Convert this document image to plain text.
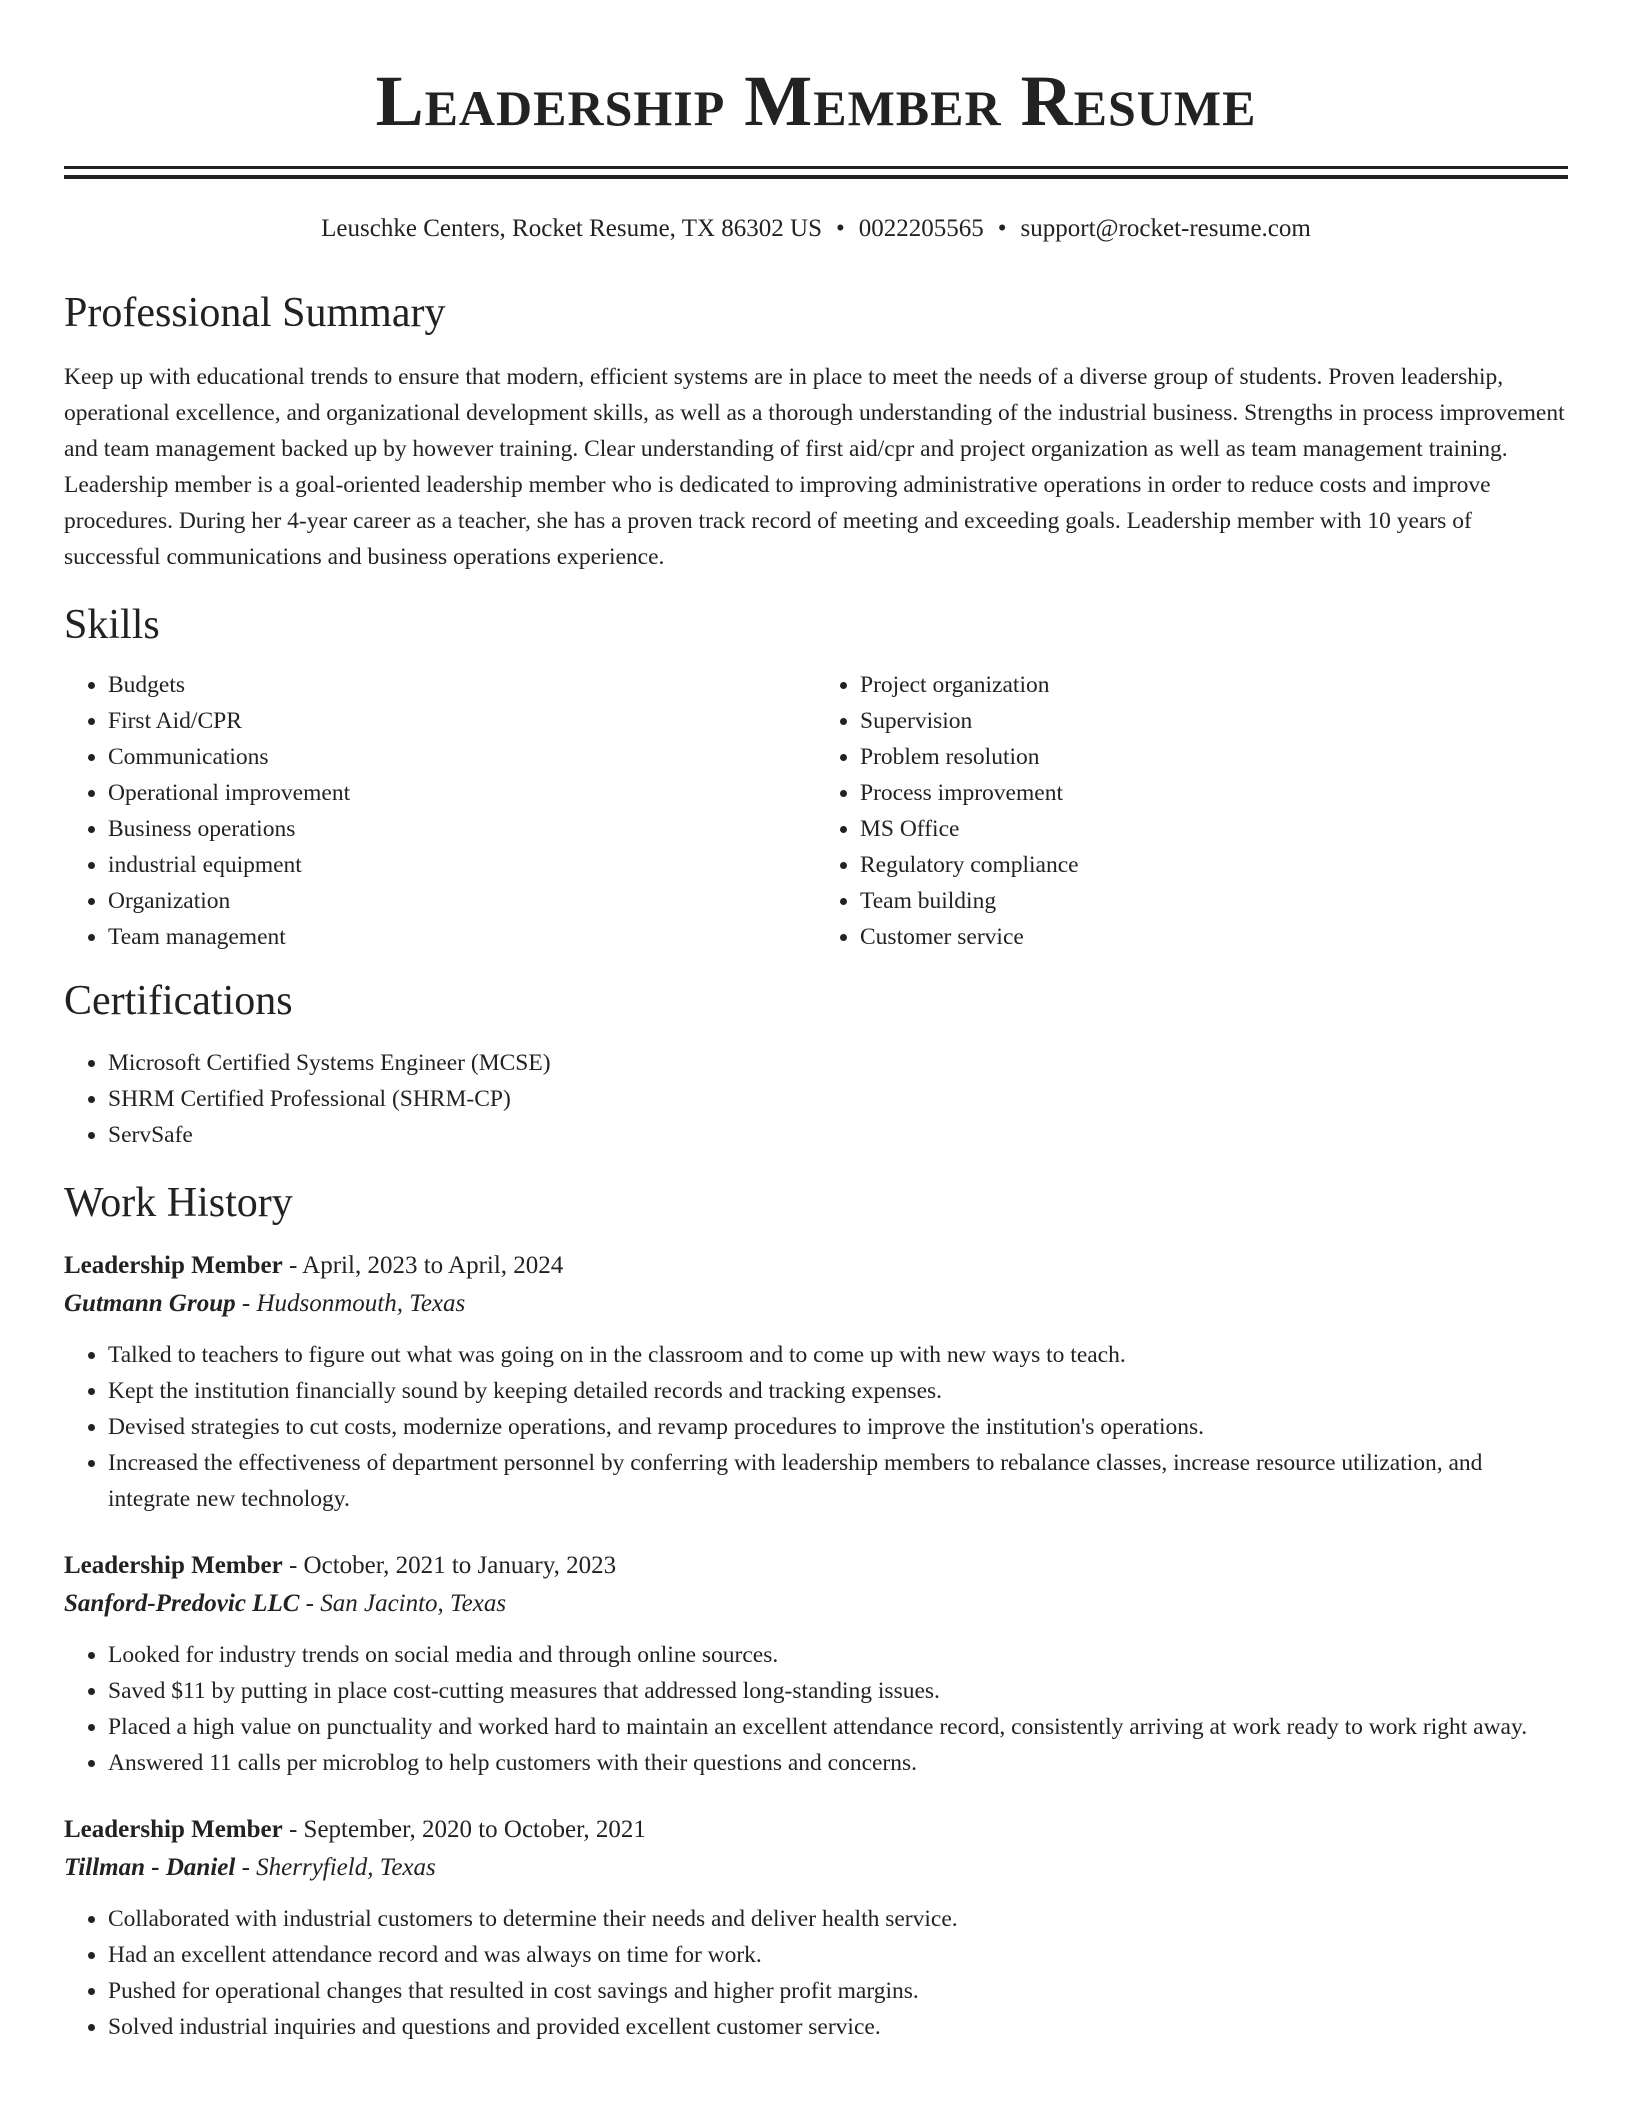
Leadership Member Resume
Leuschke Centers, Rocket Resume, TX 86302 US • 0022205565 • support@rocket-resume.com
Professional Summary

Keep up with educational trends to ensure that modern, efficient systems are in place to meet the needs of a diverse group of students. Proven leadership, operational excellence, and organizational development skills, as well as a thorough understanding of the industrial business. Strengths in process improvement and team management backed up by however training. Clear understanding of first aid/cpr and project organization as well as team management training. Leadership member is a goal-oriented leadership member who is dedicated to improving administrative operations in order to reduce costs and improve procedures. During her 4-year career as a teacher, she has a proven track record of meeting and exceeding goals. Leadership member with 10 years of successful communications and business operations experience.

Skills
• Budgets
• First Aid/CPR
• Communications
• Operational improvement
• Business operations
• industrial equipment
• Organization
• Team management
• Project organization
• Supervision
• Problem resolution
• Process improvement
• MS Office
• Regulatory compliance
• Team building
• Customer service
Certifications
• Microsoft Certified Systems Engineer (MCSE)
• SHRM Certified Professional (SHRM-CP)
• ServSafe
Work History
Leadership Member - April, 2023 to April, 2024
Gutmann Group - Hudsonmouth, Texas
• Talked to teachers to figure out what was going on in the classroom and to come up with new ways to teach.
• Kept the institution financially sound by keeping detailed records and tracking expenses.
• Devised strategies to cut costs, modernize operations, and revamp procedures to improve the institution's operations.
• Increased the effectiveness of department personnel by conferring with leadership members to rebalance classes, increase resource utilization, and integrate new technology.
Leadership Member - October, 2021 to January, 2023
Sanford-Predovic LLC - San Jacinto, Texas
• Looked for industry trends on social media and through online sources.
• Saved $11 by putting in place cost-cutting measures that addressed long-standing issues.
• Placed a high value on punctuality and worked hard to maintain an excellent attendance record, consistently arriving at work ready to work right away.
• Answered 11 calls per microblog to help customers with their questions and concerns.
Leadership Member - September, 2020 to October, 2021
Tillman - Daniel - Sherryfield, Texas
• Collaborated with industrial customers to determine their needs and deliver health service.
• Had an excellent attendance record and was always on time for work.
• Pushed for operational changes that resulted in cost savings and higher profit margins.
• Solved industrial inquiries and questions and provided excellent customer service.
